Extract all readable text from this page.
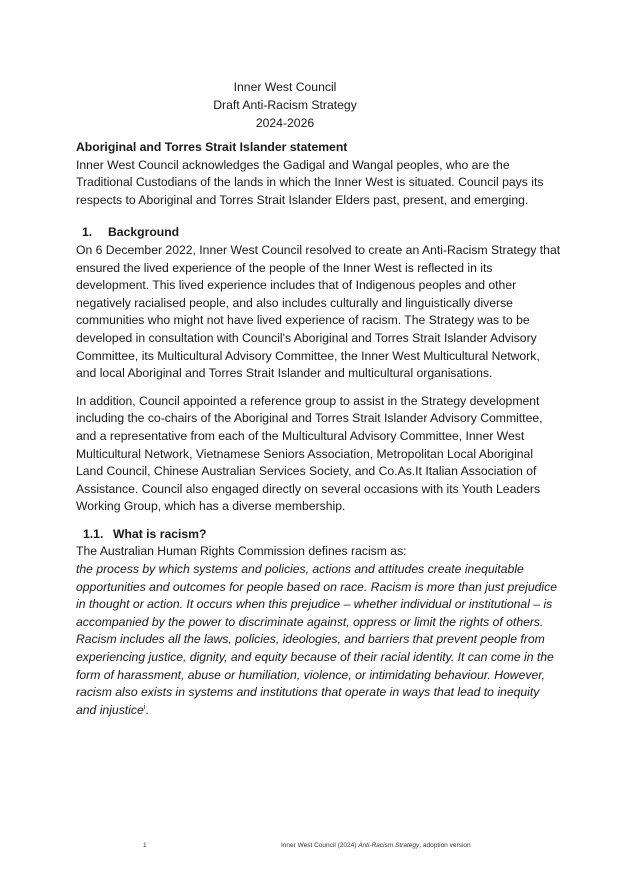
Inner West Council
Draft Anti-Racism Strategy
2024-2026

Aboriginal and Torres Strait Islander statement

Inner West Council acknowledges the Gadigal and Wangal peoples, who are the Traditional Custodians of the lands in which the Inner West is situated. Council pays its respects to Aboriginal and Torres Strait Islander Elders past, present, and emerging.

1.	Background

On 6 December 2022, Inner West Council resolved to create an Anti-Racism Strategy that ensured the lived experience of the people of the Inner West is reflected in its development. This lived experience includes that of Indigenous peoples and other negatively racialised people, and also includes culturally and linguistically diverse communities who might not have lived experience of racism. The Strategy was to be developed in consultation with Council's Aboriginal and Torres Strait Islander Advisory Committee, its Multicultural Advisory Committee, the Inner West Multicultural Network, and local Aboriginal and Torres Strait Islander and multicultural organisations.

In addition, Council appointed a reference group to assist in the Strategy development including the co-chairs of the Aboriginal and Torres Strait Islander Advisory Committee, and a representative from each of the Multicultural Advisory Committee, Inner West Multicultural Network, Vietnamese Seniors Association, Metropolitan Local Aboriginal Land Council, Chinese Australian Services Society, and Co.As.It Italian Association of Assistance. Council also engaged directly on several occasions with its Youth Leaders Working Group, which has a diverse membership.

1.1. What is racism?

The Australian Human Rights Commission defines racism as:

the process by which systems and policies, actions and attitudes create inequitable opportunities and outcomes for people based on race. Racism is more than just prejudice in thought or action. It occurs when this prejudice – whether individual or institutional – is accompanied by the power to discriminate against, oppress or limit the rights of others. Racism includes all the laws, policies, ideologies, and barriers that prevent people from experiencing justice, dignity, and equity because of their racial identity. It can come in the form of harassment, abuse or humiliation, violence, or intimidating behaviour. However, racism also exists in systems and institutions that operate in ways that lead to inequity and injustice$^i$.

1	Inner West Council (2024) Anti-Racism Strategy, adoption version
